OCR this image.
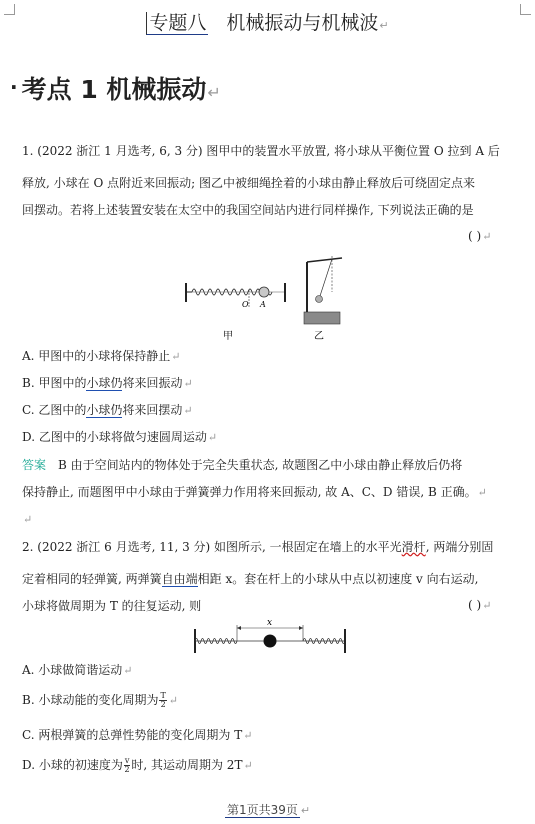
专题八 机械振动与机械波↵
· 考点 1 机械振动↵
1. (2022 浙江 1 月选考, 6, 3 分) 图甲中的装置水平放置, 将小球从平衡位置 O 拉到 A 后
释放, 小球在 O 点附近来回振动; 图乙中被细绳拴着的小球由静止释放后可绕固定点来
回摆动。若将上述装置安装在太空中的我国空间站内进行同样操作, 下列说法正确的是
( )↵
O A
甲	乙
A. 甲图中的小球将保持静止↵
B. 甲图中的小球仍将来回振动↵
C. 乙图中的小球仍将来回摆动↵
D. 乙图中的小球将做匀速圆周运动↵
答案 B 由于空间站内的物体处于完全失重状态, 故题图乙中小球由静止释放后仍将
保持静止, 而题图甲中小球由于弹簧弹力作用将来回振动, 故 A、C、D 错误, B 正确。↵
↵
2. (2022 浙江 6 月选考, 11, 3 分) 如图所示, 一根固定在墙上的水平光滑杆, 两端分别固
定着相同的轻弹簧, 两弹簧自由端相距 x。套在杆上的小球从中点以初速度 v 向右运动,
小球将做周期为 T 的往复运动, 则	( )↵
x
A. 小球做简谐运动↵
B. 小球动能的变化周期为 $\frac{T}{2}$ ↵
C. 两根弹簧的总弹性势能的变化周期为 T↵
D. 小球的初速度为 $\frac{v}{2}$ 时, 其运动周期为 2T↵
第1页共39页 ↵
